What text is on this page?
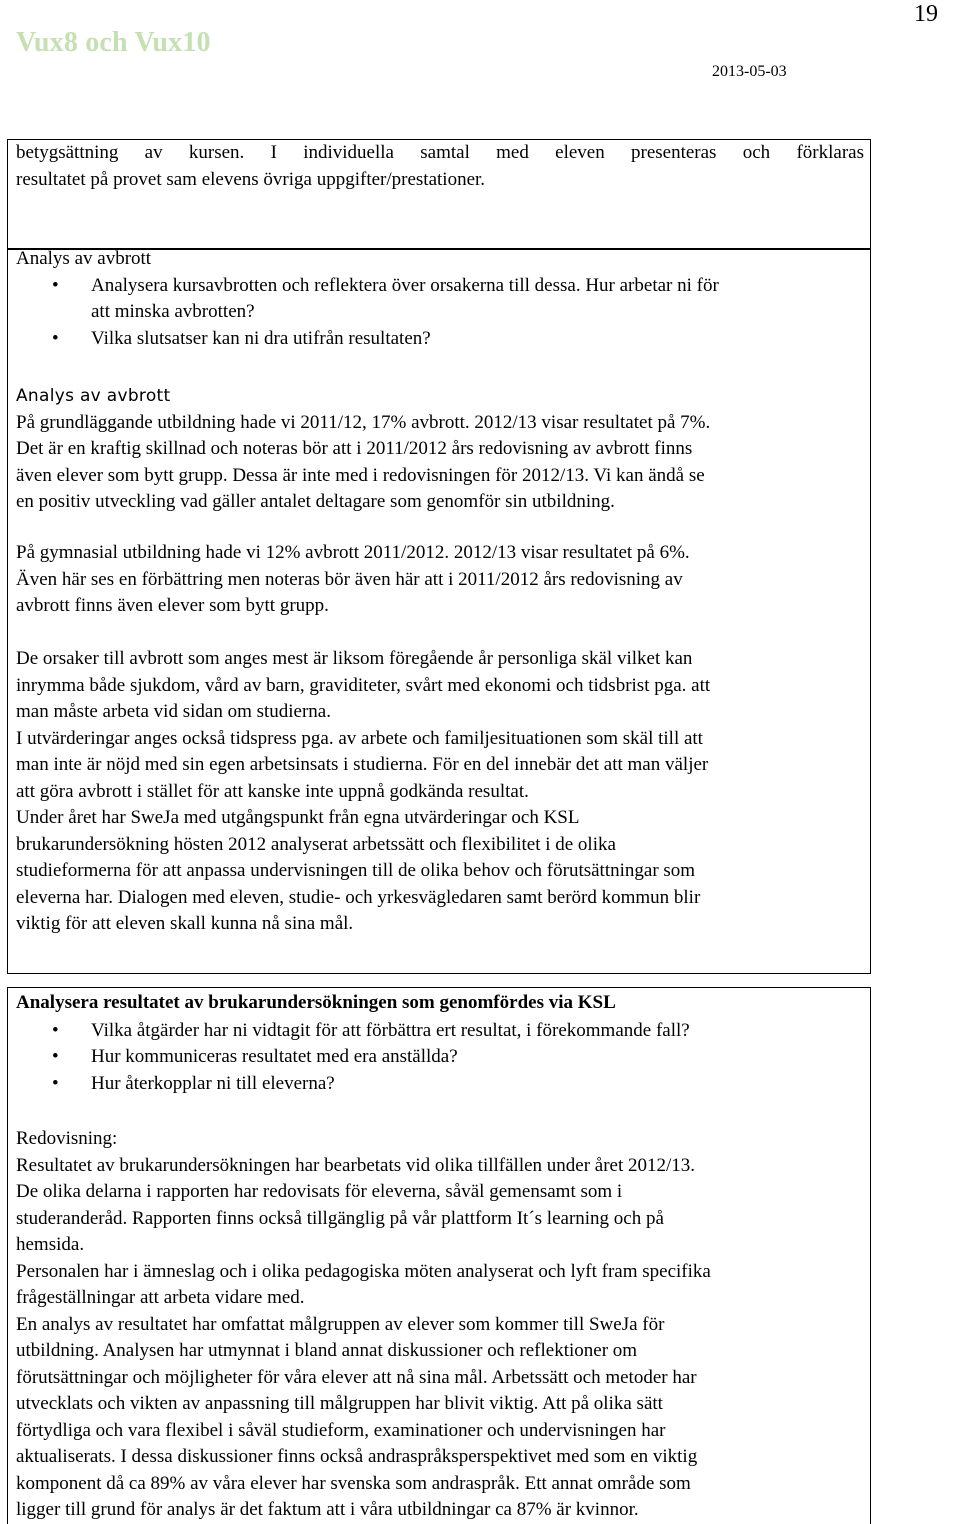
19
Vux8 och Vux10
2013-05-03

betygsättning av kursen. I individuella samtal med eleven presenteras och förklaras

resultatet på provet sam elevens övriga uppgifter/prestationer.

Analys av avbrott

• Analysera kursavbrotten och reflektera över orsakerna till dessa. Hur arbetar ni för

att minska avbrotten?

• Vilka slutsatser kan ni dra utifrån resultaten?

Analys av avbrott

På grundläggande utbildning hade vi 2011/12, 17% avbrott. 2012/13 visar resultatet på 7%.

Det är en kraftig skillnad och noteras bör att i 2011/2012 års redovisning av avbrott finns

även elever som bytt grupp. Dessa är inte med i redovisningen för 2012/13. Vi kan ändå se

en positiv utveckling vad gäller antalet deltagare som genomför sin utbildning.

På gymnasial utbildning hade vi 12% avbrott 2011/2012. 2012/13 visar resultatet på 6%.

Även här ses en förbättring men noteras bör även här att i 2011/2012 års redovisning av

avbrott finns även elever som bytt grupp.

De orsaker till avbrott som anges mest är liksom föregående år personliga skäl vilket kan

inrymma både sjukdom, vård av barn, graviditeter, svårt med ekonomi och tidsbrist pga. att

man måste arbeta vid sidan om studierna.

I utvärderingar anges också tidspress pga. av arbete och familjesituationen som skäl till att

man inte är nöjd med sin egen arbetsinsats i studierna. För en del innebär det att man väljer

att göra avbrott i stället för att kanske inte uppnå godkända resultat.

Under året har SweJa med utgångspunkt från egna utvärderingar och KSL

brukarundersökning hösten 2012 analyserat arbetssätt och flexibilitet i de olika

studieformerna för att anpassa undervisningen till de olika behov och förutsättningar som

eleverna har. Dialogen med eleven, studie- och yrkesvägledaren samt berörd kommun blir

viktig för att eleven skall kunna nå sina mål.

Analysera resultatet av brukarundersökningen som genomfördes via KSL

• Vilka åtgärder har ni vidtagit för att förbättra ert resultat, i förekommande fall?

• Hur kommuniceras resultatet med era anställda?

• Hur återkopplar ni till eleverna?

Redovisning:

Resultatet av brukarundersökningen har bearbetats vid olika tillfällen under året 2012/13.

De olika delarna i rapporten har redovisats för eleverna, såväl gemensamt som i

studeranderåd. Rapporten finns också tillgänglig på vår plattform It´s learning och på

hemsida.

Personalen har i ämneslag och i olika pedagogiska möten analyserat och lyft fram specifika

frågeställningar att arbeta vidare med.

En analys av resultatet har omfattat målgruppen av elever som kommer till SweJa för

utbildning. Analysen har utmynnat i bland annat diskussioner och reflektioner om

förutsättningar och möjligheter för våra elever att nå sina mål. Arbetssätt och metoder har

utvecklats och vikten av anpassning till målgruppen har blivit viktig. Att på olika sätt

förtydliga och vara flexibel i såväl studieform, examinationer och undervisningen har

aktualiserats. I dessa diskussioner finns också andraspråksperspektivet med som en viktig

komponent då ca 89% av våra elever har svenska som andraspråk. Ett annat område som

ligger till grund för analys är det faktum att i våra utbildningar ca 87% är kvinnor.
